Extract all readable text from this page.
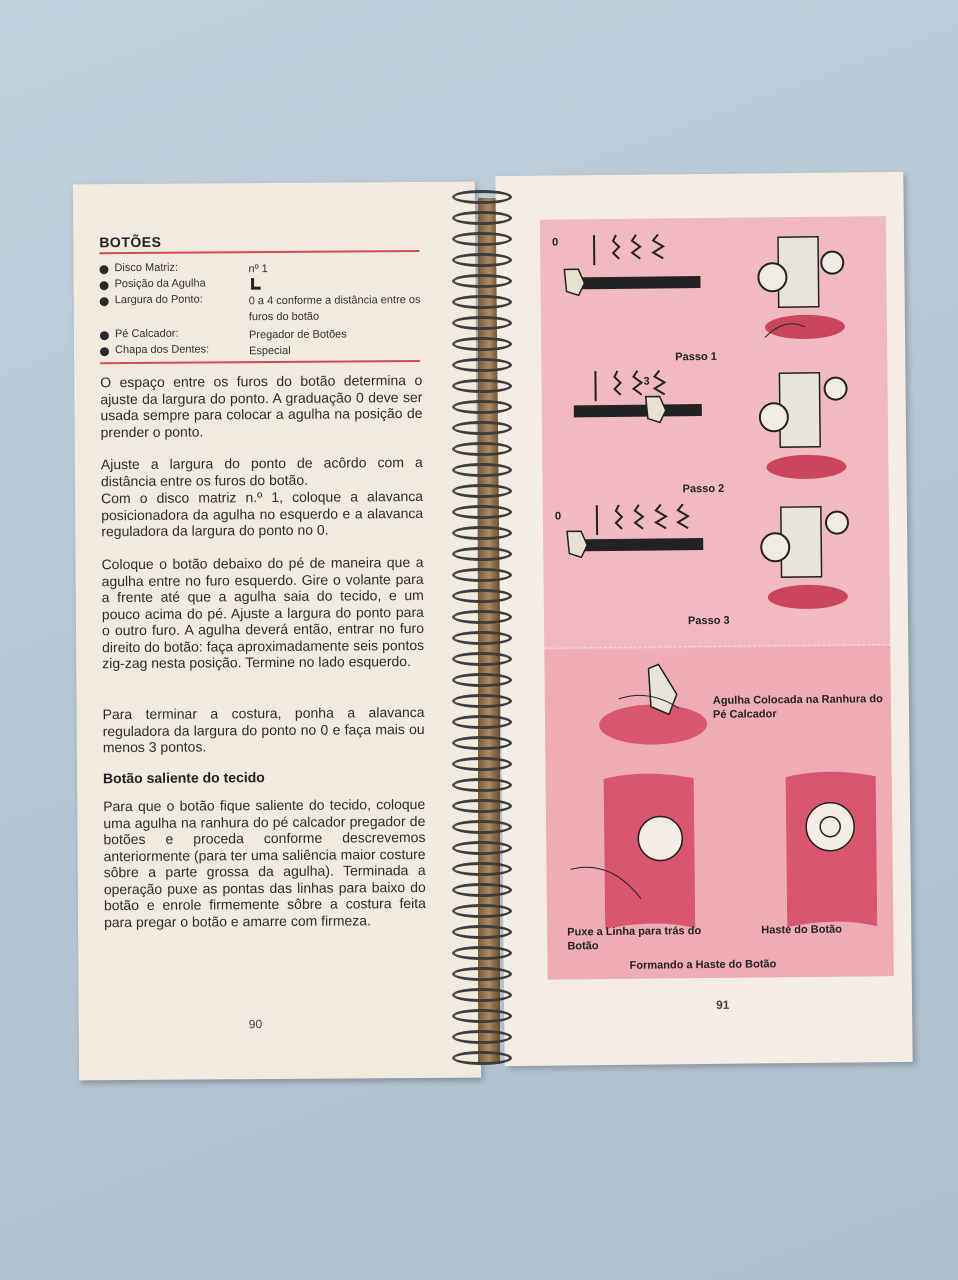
BOTÕES
Disco Matriz:	nº 1
Posição da Agulha
Largura do Ponto:	0 a 4 conforme a distância entre os furos do botão
Pé Calcador:	Pregador de Botões
Chapa dos Dentes:	Especial
O espaço entre os furos do botão determina o ajuste da largura do ponto. A graduação 0 deve ser usada sempre para colocar a agulha na posição de prender o ponto.
Ajuste a largura do ponto de acôrdo com a distância entre os furos do botão.
Com o disco matriz n.º 1, coloque a alavanca posicionadora da agulha no esquerdo e a alavanca reguladora da largura do ponto no 0.
Coloque o botão debaixo do pé de maneira que a agulha entre no furo esquerdo. Gire o volante para a frente até que a agulha saia do tecido, e um pouco acima do pé. Ajuste a largura do ponto para o outro furo. A agulha deverá então, entrar no furo direito do botão: faça aproximadamente seis pontos zig-zag nesta posição. Termine no lado esquerdo.
Para terminar a costura, ponha a alavanca reguladora da largura do ponto no 0 e faça mais ou menos 3 pontos.
Botão saliente do tecido
Para que o botão fique saliente do tecido, coloque uma agulha na ranhura do pé calcador pregador de botões e proceda conforme descrevemos anteriormente (para ter uma saliência maior costure sôbre a parte grossa da agulha). Terminada a operação puxe as pontas das linhas para baixo do botão e enrole firmemente sôbre a costura feita para pregar o botão e amarre com firmeza.
90
0
Passo 1
3
Passo 2
0
Passo 3
Agulha Colocada na Ranhura do Pé Calcador
Puxe a Linha para trás do Botão
Haste do Botão
Formando a Haste do Botão
91
